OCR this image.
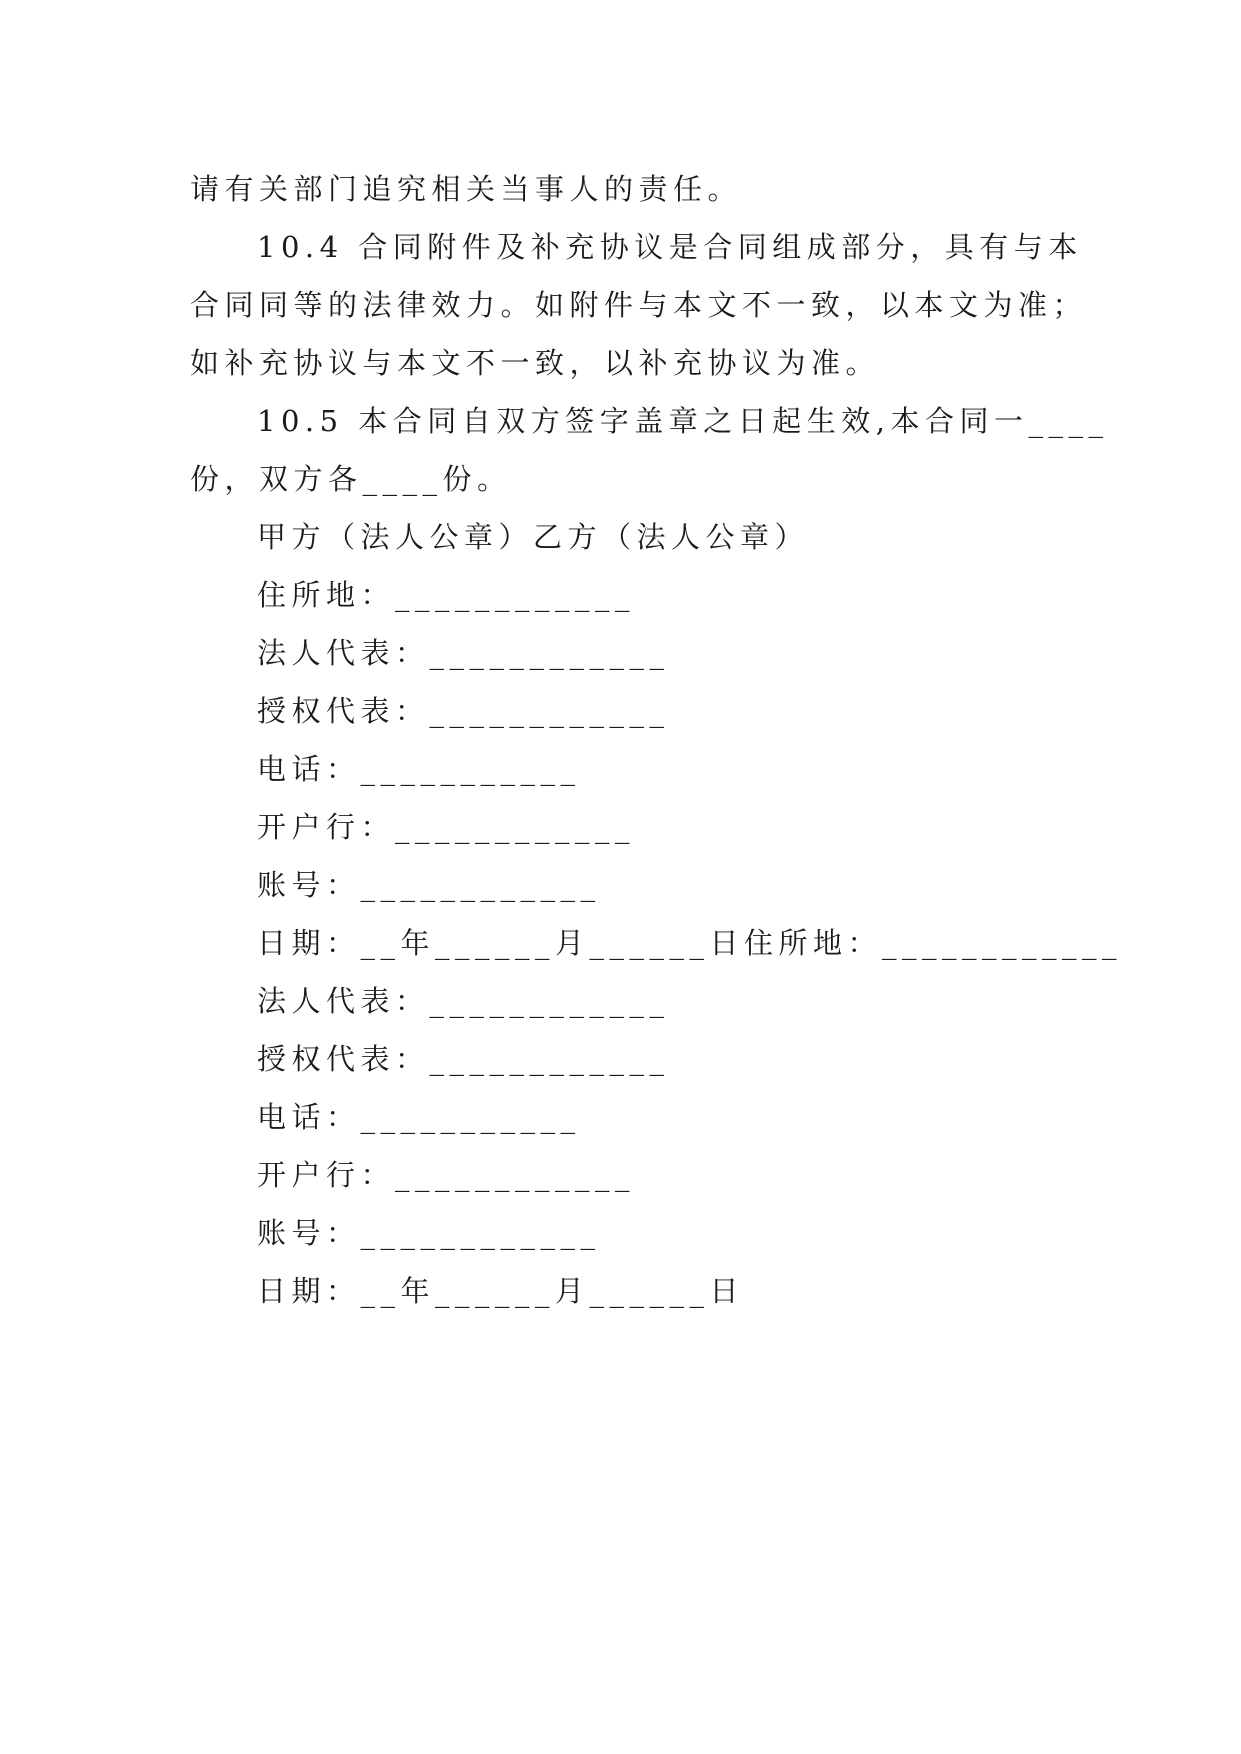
请有关部门追究相关当事人的责任。
10.4 合同附件及补充协议是合同组成部分，具有与本
合同同等的法律效力。如附件与本文不一致，以本文为准；
如补充协议与本文不一致，以补充协议为准。
10.5 本合同自双方签字盖章之日起生效,本合同一____
份，双方各____份。
甲方（法人公章）乙方（法人公章）
住所地：____________
法人代表：____________
授权代表：____________
电话：___________
开户行：____________
账号：____________
日期：__年______月______日住所地：____________
法人代表：____________
授权代表：____________
电话：___________
开户行：____________
账号：____________
日期：__年______月______日
